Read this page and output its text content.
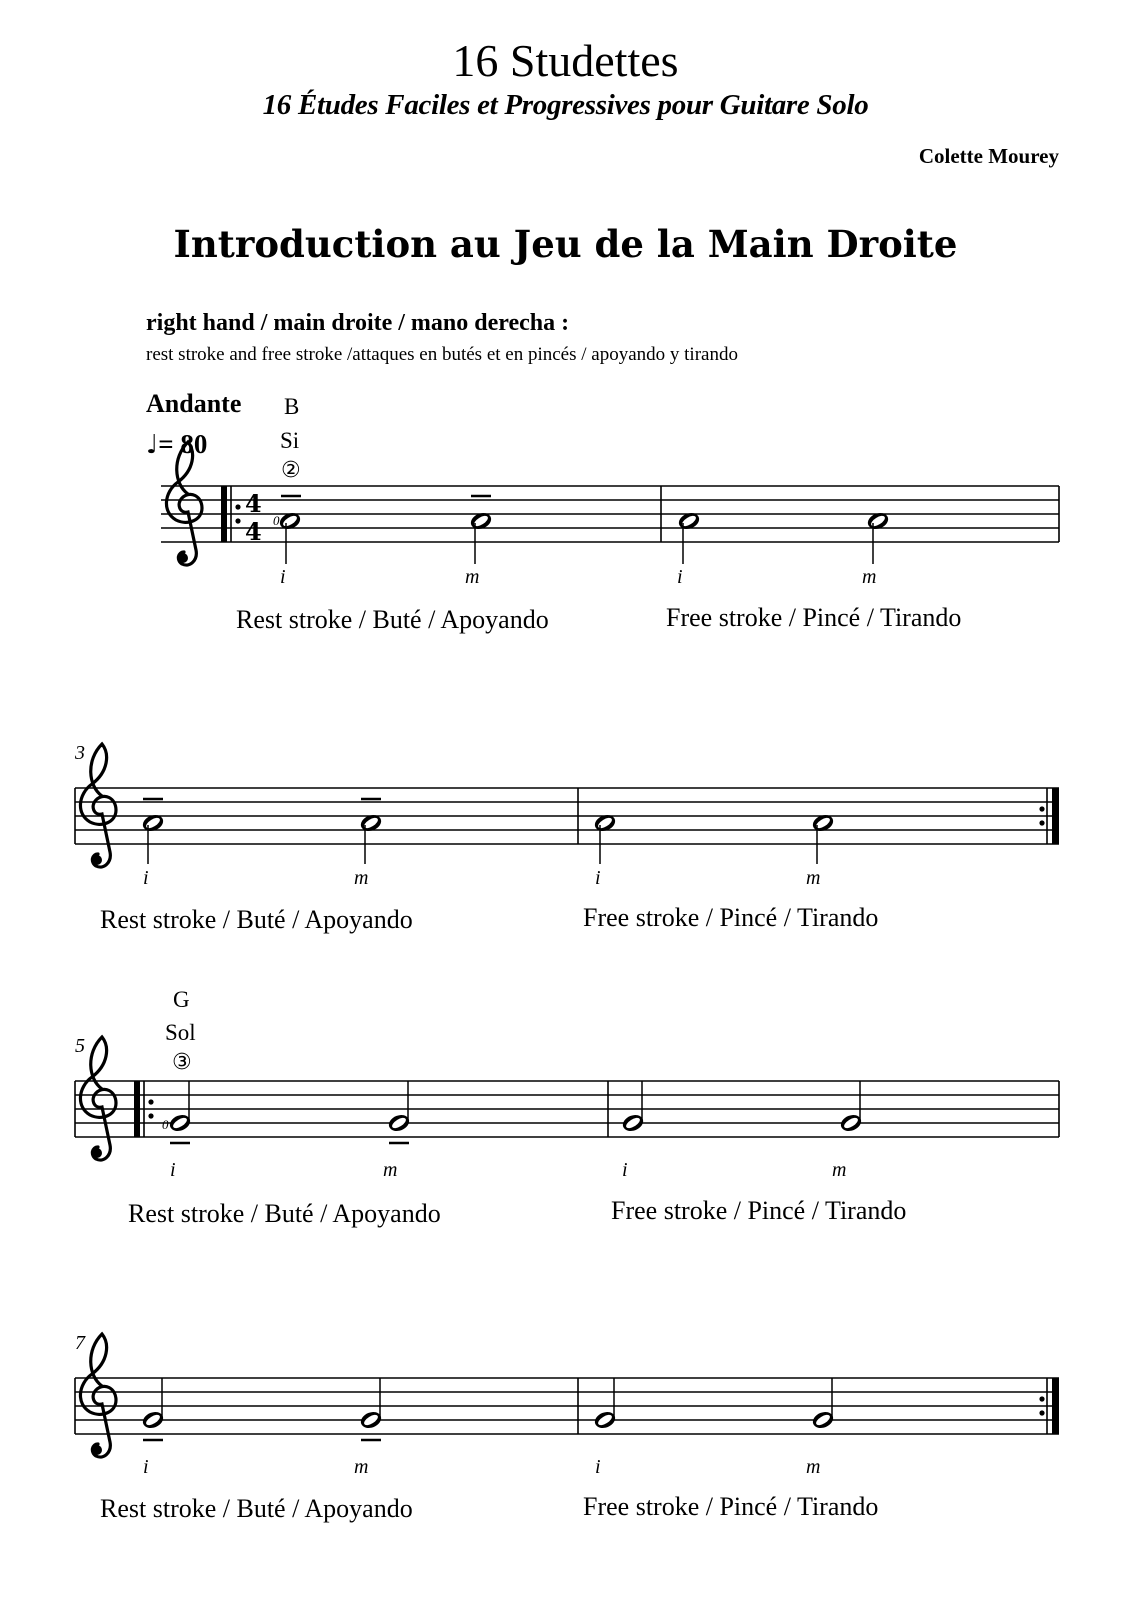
16 Studettes
16 Études Faciles et Progressives pour Guitare Solo
Colette Mourey
Introduction au Jeu de la Main Droite
right hand / main droite / mano derecha :
rest stroke and free stroke /attaques en butés et en pincés / apoyando y tirando
Andante
♩= 80
B
Si
②
i	m	i	m
Rest stroke / Buté / Apoyando	Free stroke / Pincé / Tirando
3
i	m	i	m
Rest stroke / Buté / Apoyando	Free stroke / Pincé / Tirando
G
Sol
③
5
i	m	i	m
Rest stroke / Buté / Apoyando	Free stroke / Pincé / Tirando
7
i	m	i	m
Rest stroke / Buté / Apoyando	Free stroke / Pincé / Tirando
4
4 0
0
